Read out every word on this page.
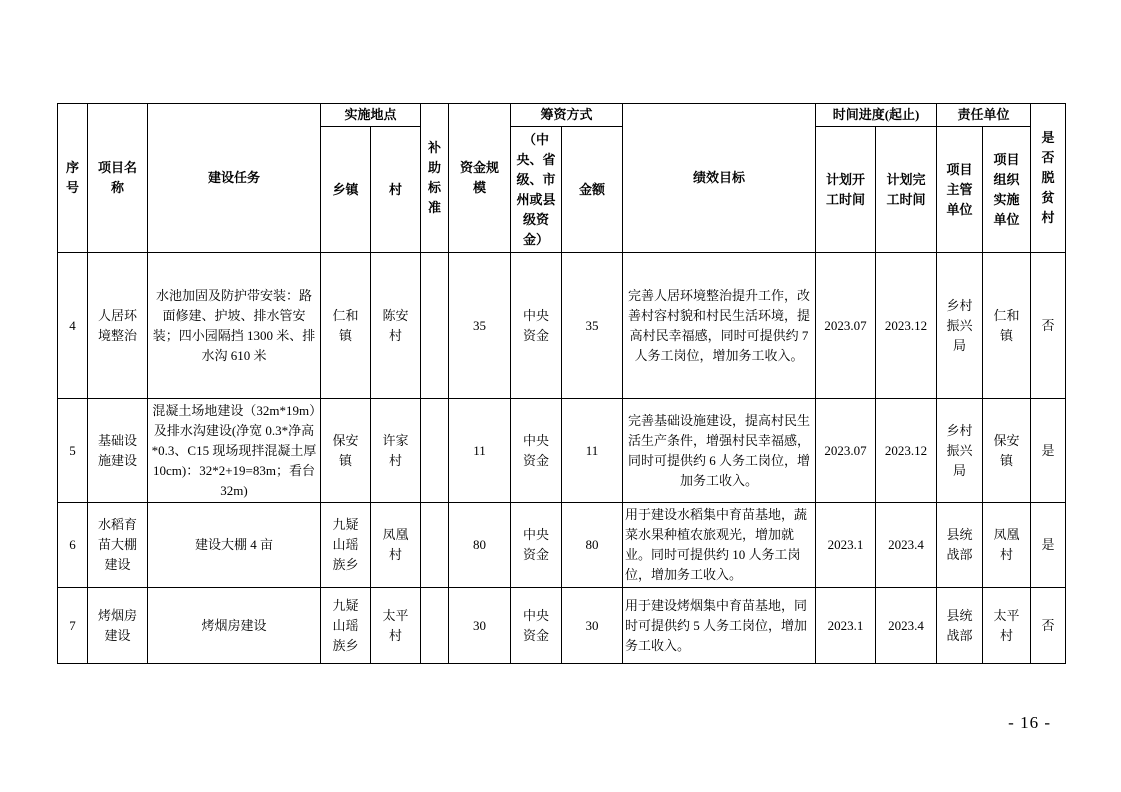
序号	项目名称	建设任务	实施地点		补助标准	资金规模	筹资方式		绩效目标	时间进度(起止)		责任单位		是否脱贫村
			乡镇	村			（中央、省级、市州或县级资金）	金额		计划开工时间	计划完工时间	项目主管单位	项目组织实施单位	
4	人居环境整治	水池加固及防护带安装：路面修建、护坡、排水管安装；四小园隔挡 1300 米、排水沟 610 米	仁和镇	陈安村		35	中央资金	35	完善人居环境整治提升工作，改善村容村貌和村民生活环境，提高村民幸福感，同时可提供约 7 人务工岗位，增加务工收入。	2023.07	2023.12	乡村振兴局	仁和镇	否
5	基础设施建设	混凝土场地建设（32m*19m）及排水沟建设(净宽 0.3*净高*0.3、C15 现场现拌混凝土厚 10cm)：32*2+19=83m；看台 32m)	保安镇	许家村		11	中央资金	11	完善基础设施建设，提高村民生活生产条件，增强村民幸福感，同时可提供约 6 人务工岗位，增加务工收入。	2023.07	2023.12	乡村振兴局	保安镇	是
6	水稻育苗大棚建设	建设大棚 4 亩	九疑山瑶族乡	凤凰村		80	中央资金	80	用于建设水稻集中育苗基地，蔬菜水果种植农旅观光，增加就业。同时可提供约 10 人务工岗位，增加务工收入。	2023.1	2023.4	县统战部	凤凰村	是
7	烤烟房建设	烤烟房建设	九疑山瑶族乡	太平村		30	中央资金	30	用于建设烤烟集中育苗基地，同时可提供约 5 人务工岗位，增加务工收入。	2023.1	2023.4	县统战部	太平村	否
- 16 -
